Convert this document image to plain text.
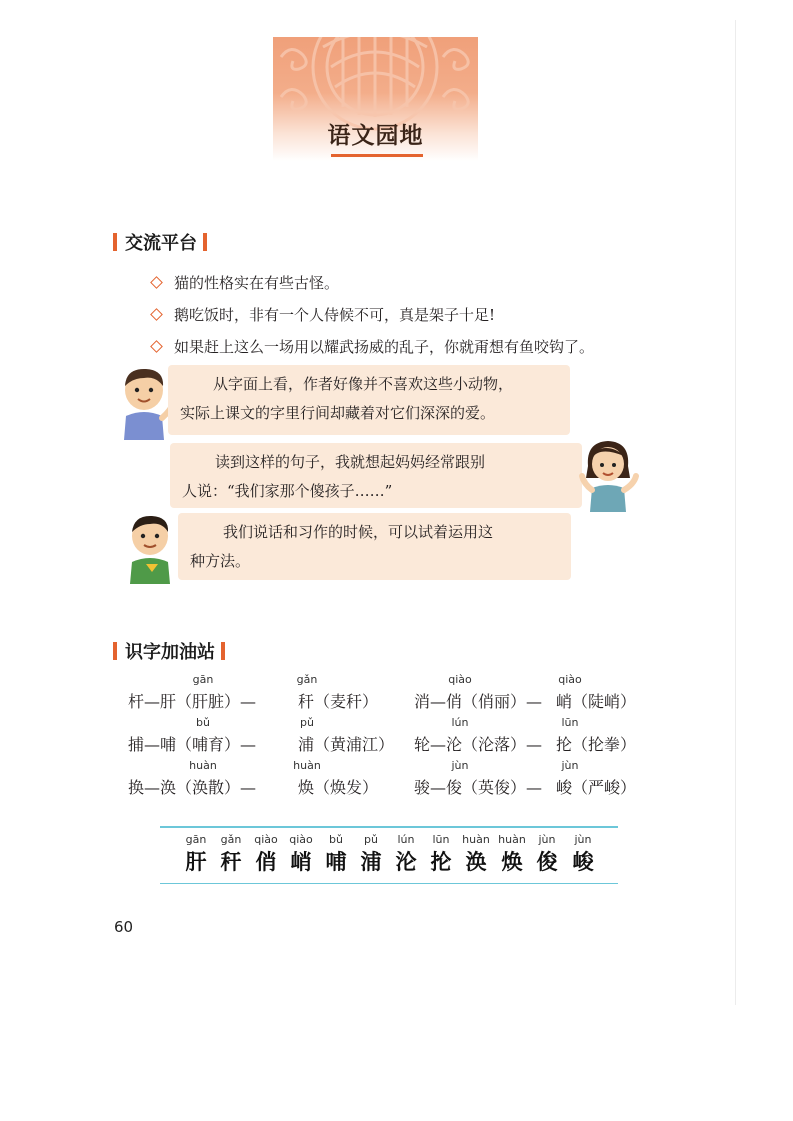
语文园地
交流平台
猫的性格实在有些古怪。
鹅吃饭时，非有一个人侍候不可，真是架子十足!
如果赶上这么一场用以耀武扬威的乱子，你就甭想有鱼咬钩了。

从字面上看，作者好像并不喜欢这些小动物，

实际上课文的字里行间却藏着对它们深深的爱。

读到这样的句子，我就想起妈妈经常跟别

人说：“我们家那个傻孩子……”

我们说话和习作的时候，可以试着运用这

种方法。

识字加油站
gān
杆—肝（肝脏）—
gǎn
秆（麦秆）
qiào
消—俏（俏丽）—
qiào
峭（陡峭）
bǔ
捕—哺（哺育）—
pǔ
浦（黄浦江）
lún
轮—沦（沦落）—
lūn
抡（抡拳）
huàn
换—涣（涣散）—
huàn
焕（焕发）
jùn
骏—俊（英俊）—
jùn
峻（严峻）
gān
肝
gǎn
秆
qiào
俏
qiào
峭
bǔ
哺
pǔ
浦
lún
沦
lūn
抡
huàn
涣
huàn
焕
jùn
俊
jùn
峻
60
